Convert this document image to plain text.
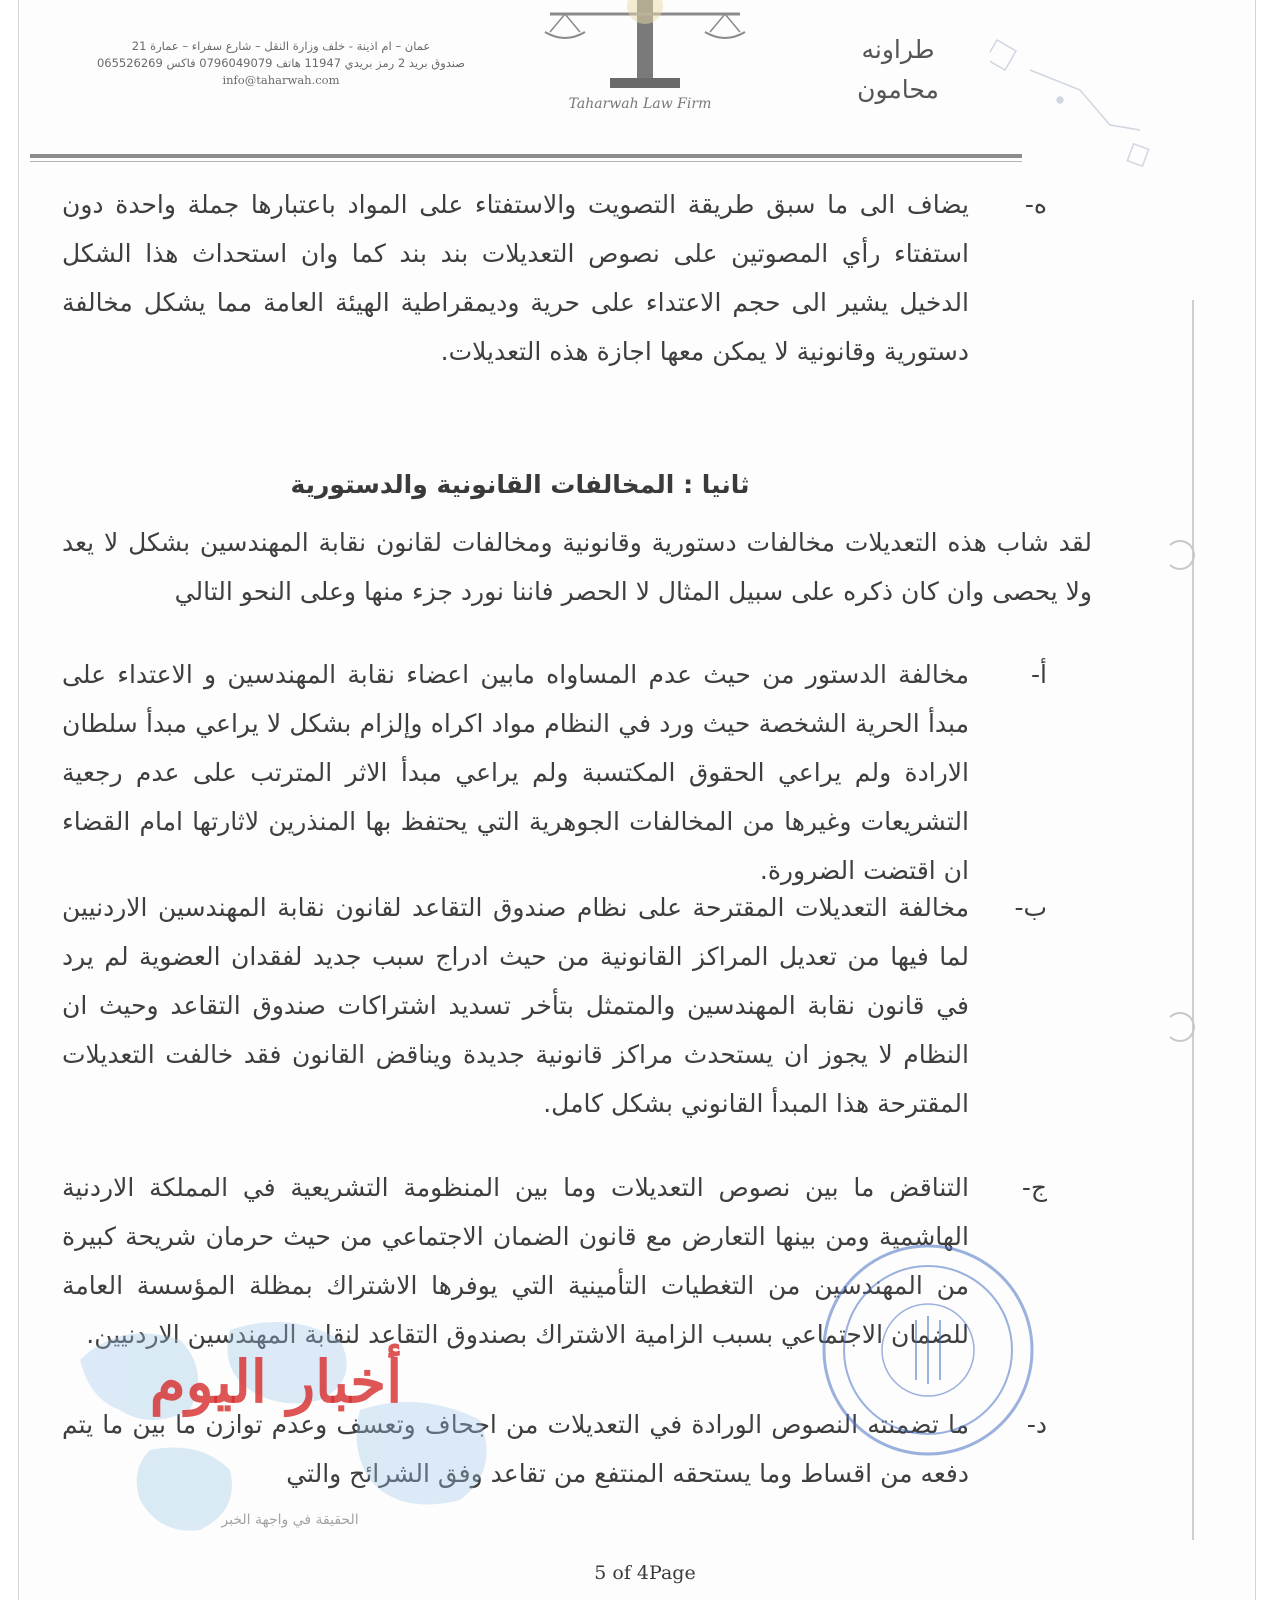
عمان – ام اذينة - خلف وزارة النقل – شارع سفراء – عمارة 21
صندوق بريد 2 رمز بريدي 11947 هاتف 0796049079 فاكس 065526269
info@taharwah.com
Taharwah Law Firm
طراونه
محامون
ه-
يضاف الى ما سبق طريقة التصويت والاستفتاء على المواد باعتبارها جملة واحدة دون استفتاء رأي المصوتين على نصوص التعديلات بند بند كما وان استحداث هذا الشكل الدخيل يشير الى حجم الاعتداء على حرية وديمقراطية الهيئة العامة مما يشكل مخالفة دستورية وقانونية لا يمكن معها اجازة هذه التعديلات.
ثانيا : المخالفات القانونية والدستورية
لقد شاب هذه التعديلات مخالفات دستورية وقانونية ومخالفات لقانون نقابة المهندسين بشكل لا يعد ولا يحصى وان كان ذكره على سبيل المثال لا الحصر فاننا نورد جزء منها وعلى النحو التالي
أ-
مخالفة الدستور من حيث عدم المساواه مابين اعضاء نقابة المهندسين و الاعتداء على مبدأ الحرية الشخصة حيث ورد في النظام مواد اكراه وإلزام بشكل لا يراعي مبدأ سلطان الارادة ولم يراعي الحقوق المكتسبة ولم يراعي مبدأ الاثر المترتب على عدم رجعية التشريعات وغيرها من المخالفات الجوهرية التي يحتفظ بها المنذرين لاثارتها امام القضاء ان اقتضت الضرورة.
ب-
مخالفة التعديلات المقترحة على نظام صندوق التقاعد لقانون نقابة المهندسين الاردنيين لما فيها من تعديل المراكز القانونية من حيث ادراج سبب جديد لفقدان العضوية لم يرد في قانون نقابة المهندسين والمتمثل بتأخر تسديد اشتراكات صندوق التقاعد وحيث ان النظام لا يجوز ان يستحدث مراكز قانونية جديدة ويناقض القانون فقد خالفت التعديلات المقترحة هذا المبدأ القانوني بشكل كامل.
ج-
التناقض ما بين نصوص التعديلات وما بين المنظومة التشريعية في المملكة الاردنية الهاشمية ومن بينها التعارض مع قانون الضمان الاجتماعي من حيث حرمان شريحة كبيرة من المهندسين من التغطيات التأمينية التي يوفرها الاشتراك بمظلة المؤسسة العامة للضمان الاجتماعي بسبب الزامية الاشتراك بصندوق التقاعد لنقابة المهندسين الاردنيين.
د-
ما تضمنته النصوص الورادة في التعديلات من اجحاف وتعسف وعدم توازن ما بين ما يتم دفعه من اقساط وما يستحقه المنتفع من تقاعد وفق الشرائح والتي
أخبار اليوم
الحقيقة في واجهة الخبر
5 of 4Page
